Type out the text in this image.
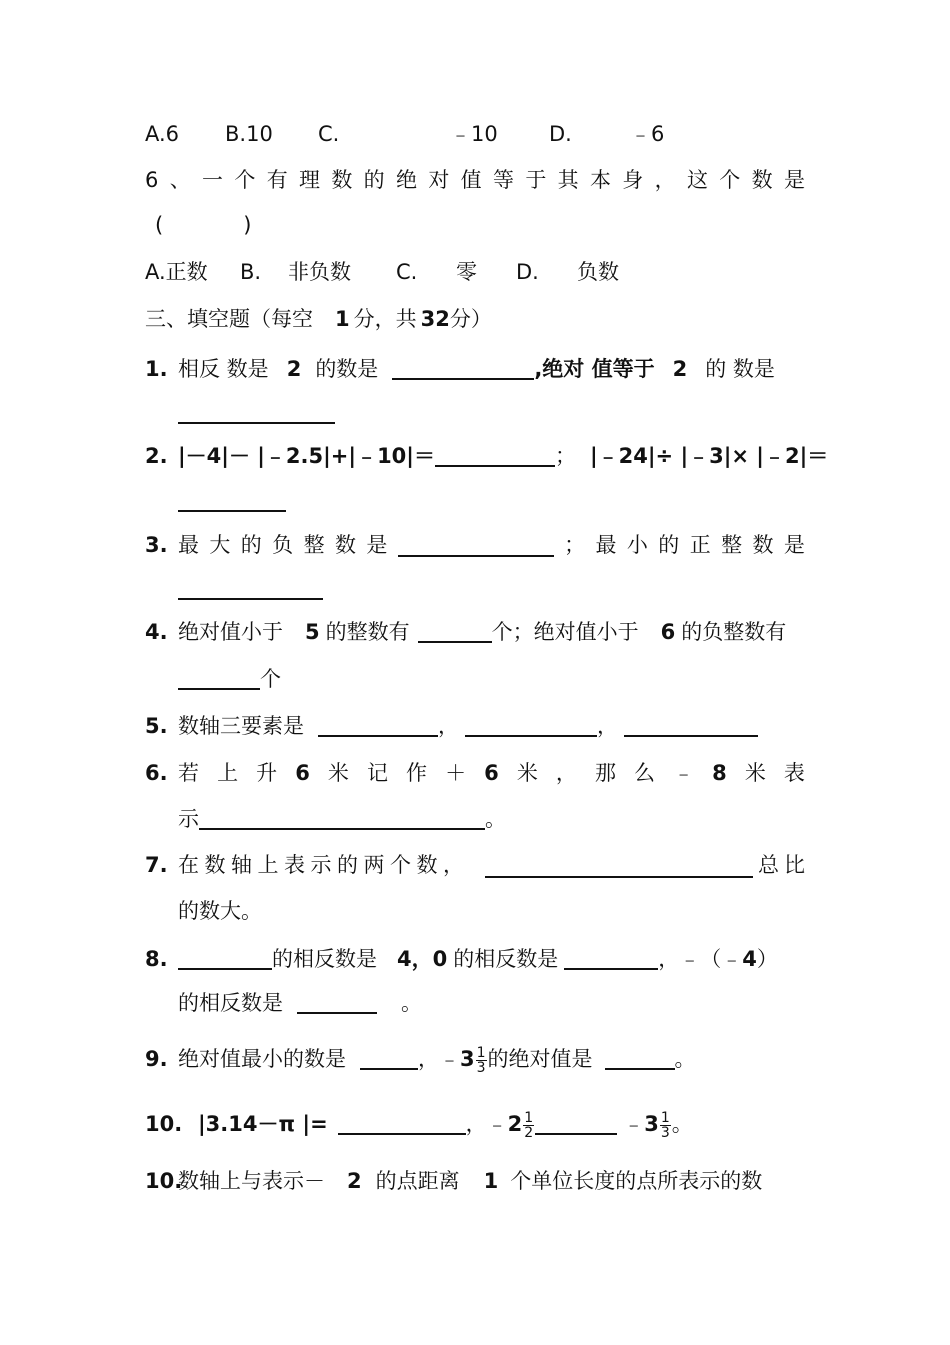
A.6 B.10 C.	﹣10 D.	﹣6
6 、 一 个 有 理 数 的 绝 对 值 等 于 其 本 身 ， 这 个 数 是
(            )
A.正数 B. 非负数 C. 零 D. 负数
三、填空题（每空 1 分，共 32分）
1. 相反 数是 2 的数是	,绝对 值等于 2 的 数是
2. |－4|－ |﹣2.5|+|﹣10|＝	； |﹣24|÷ |﹣3|× |﹣2|＝
3. 最 大 的 负 整 数 是	； 最 小 的 正 整 数 是
4. 绝对值小于 5 的整数有	个；绝对值小于 6 的负整数有
个
5. 数轴三要素是	，	，
6. 若 上 升 6 米 记 作 ＋ 6 米 ， 那 么 ﹣ 8 米 表
示	。
7. 在 数 轴 上 表 示 的 两 个 数 ，	总 比
的数大。
8.	的相反数是 4，0 的相反数是	，﹣（﹣4）
的相反数是	。
9. 绝对值最小的数是	，﹣3 $\frac{1}{3}$ 的绝对值是	。
10. |3.14－π |=	，﹣2 $\frac{1}{2}$	﹣3 $\frac{1}{3}$ 。
10.
数轴上与表示－ 2 的点距离 1 个单位长度的点所表示的数
